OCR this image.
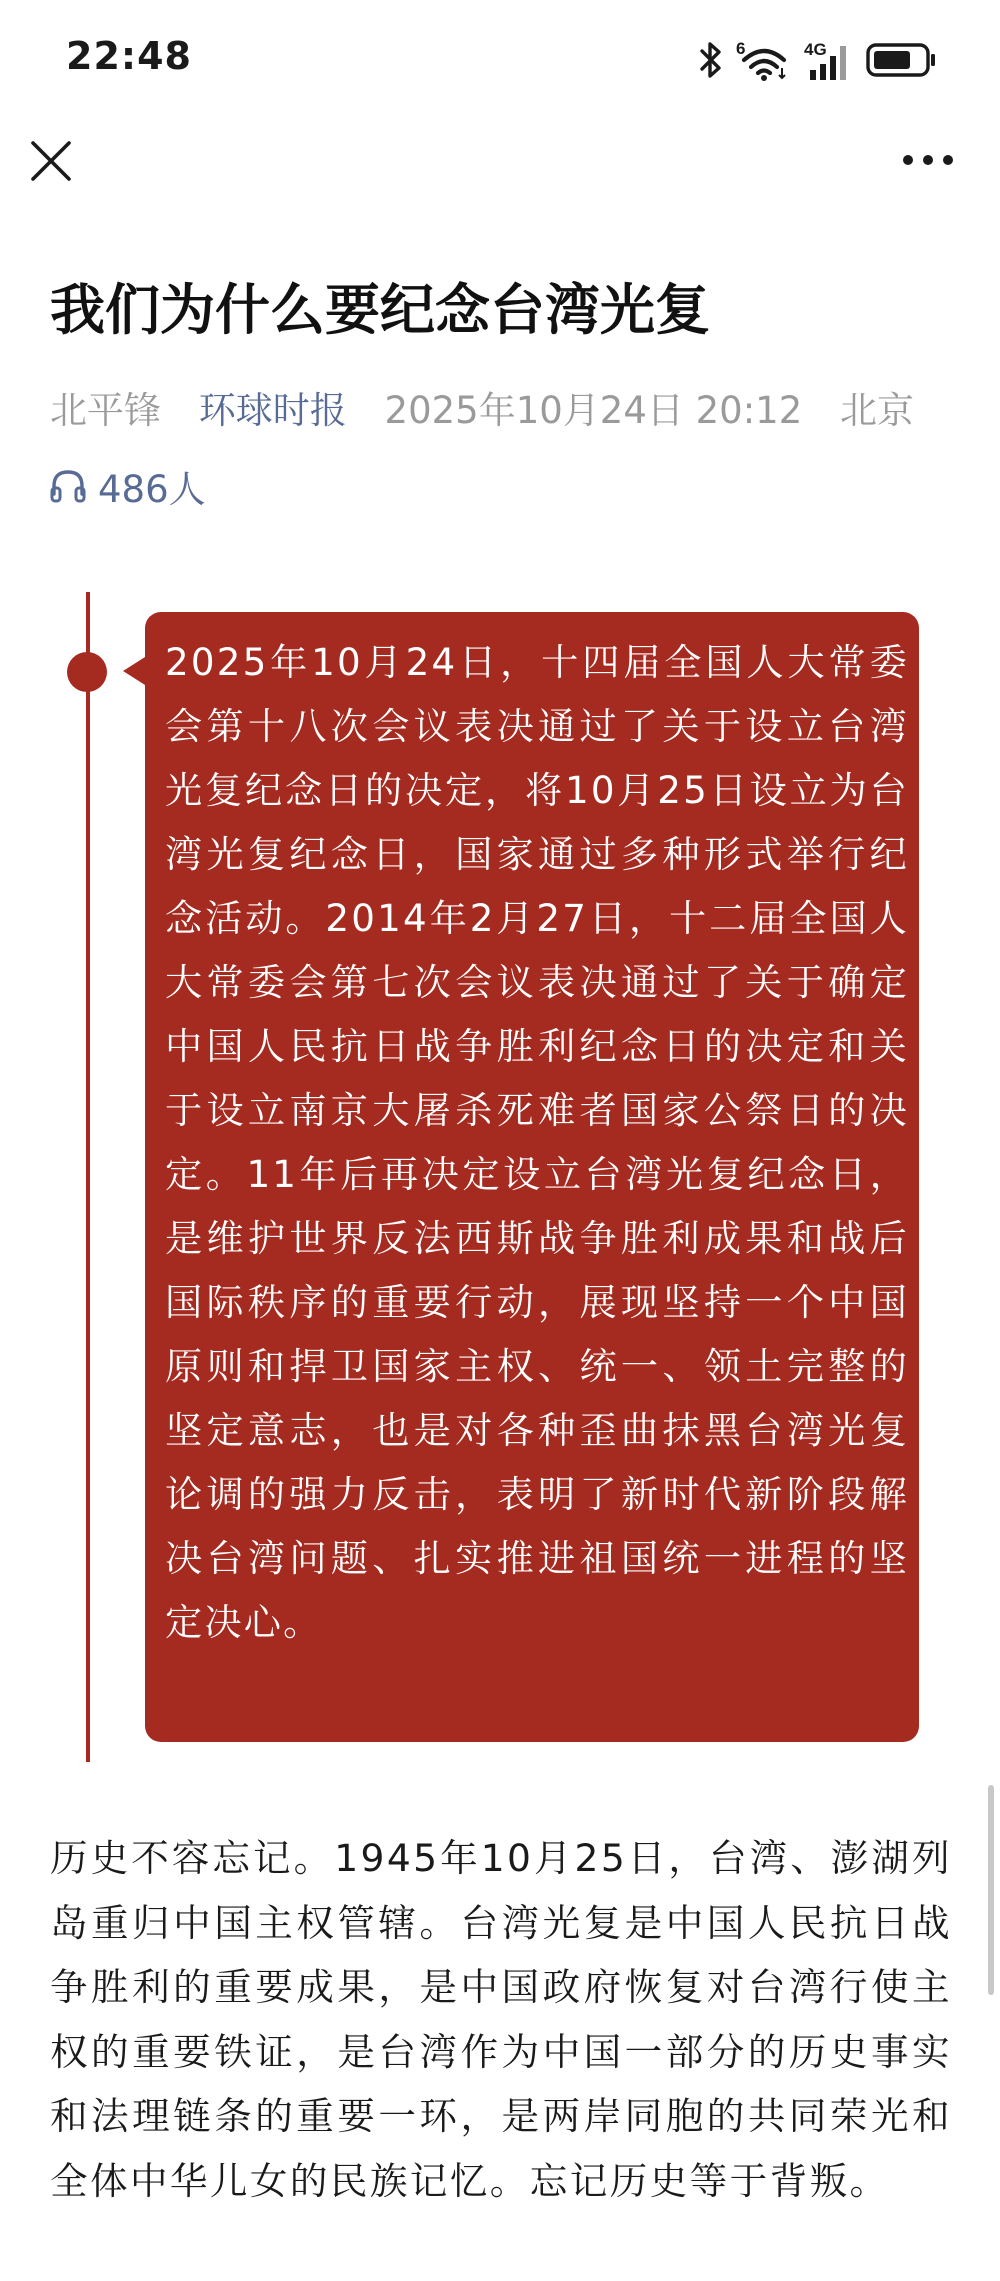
22:48	6	4G
我们为什么要纪念台湾光复
北平锋 环球时报 2025年10月24日 20:12 北京
486人
2025年10月24日，十四届全国人大常委会第十八次会议表决通过了关于设立台湾光复纪念日的决定，将10月25日设立为台湾光复纪念日，国家通过多种形式举行纪念活动。2014年2月27日，十二届全国人大常委会第七次会议表决通过了关于确定中国人民抗日战争胜利纪念日的决定和关于设立南京大屠杀死难者国家公祭日的决定。11年后再决定设立台湾光复纪念日，是维护世界反法西斯战争胜利成果和战后国际秩序的重要行动，展现坚持一个中国原则和捍卫国家主权、统一、领土完整的坚定意志，也是对各种歪曲抹黑台湾光复论调的强力反击，表明了新时代新阶段解决台湾问题、扎实推进祖国统一进程的坚定决心。
历史不容忘记。1945年10月25日，台湾、澎湖列岛重归中国主权管辖。台湾光复是中国人民抗日战争胜利的重要成果，是中国政府恢复对台湾行使主权的重要铁证，是台湾作为中国一部分的历史事实和法理链条的重要一环，是两岸同胞的共同荣光和全体中华儿女的民族记忆。忘记历史等于背叛。
